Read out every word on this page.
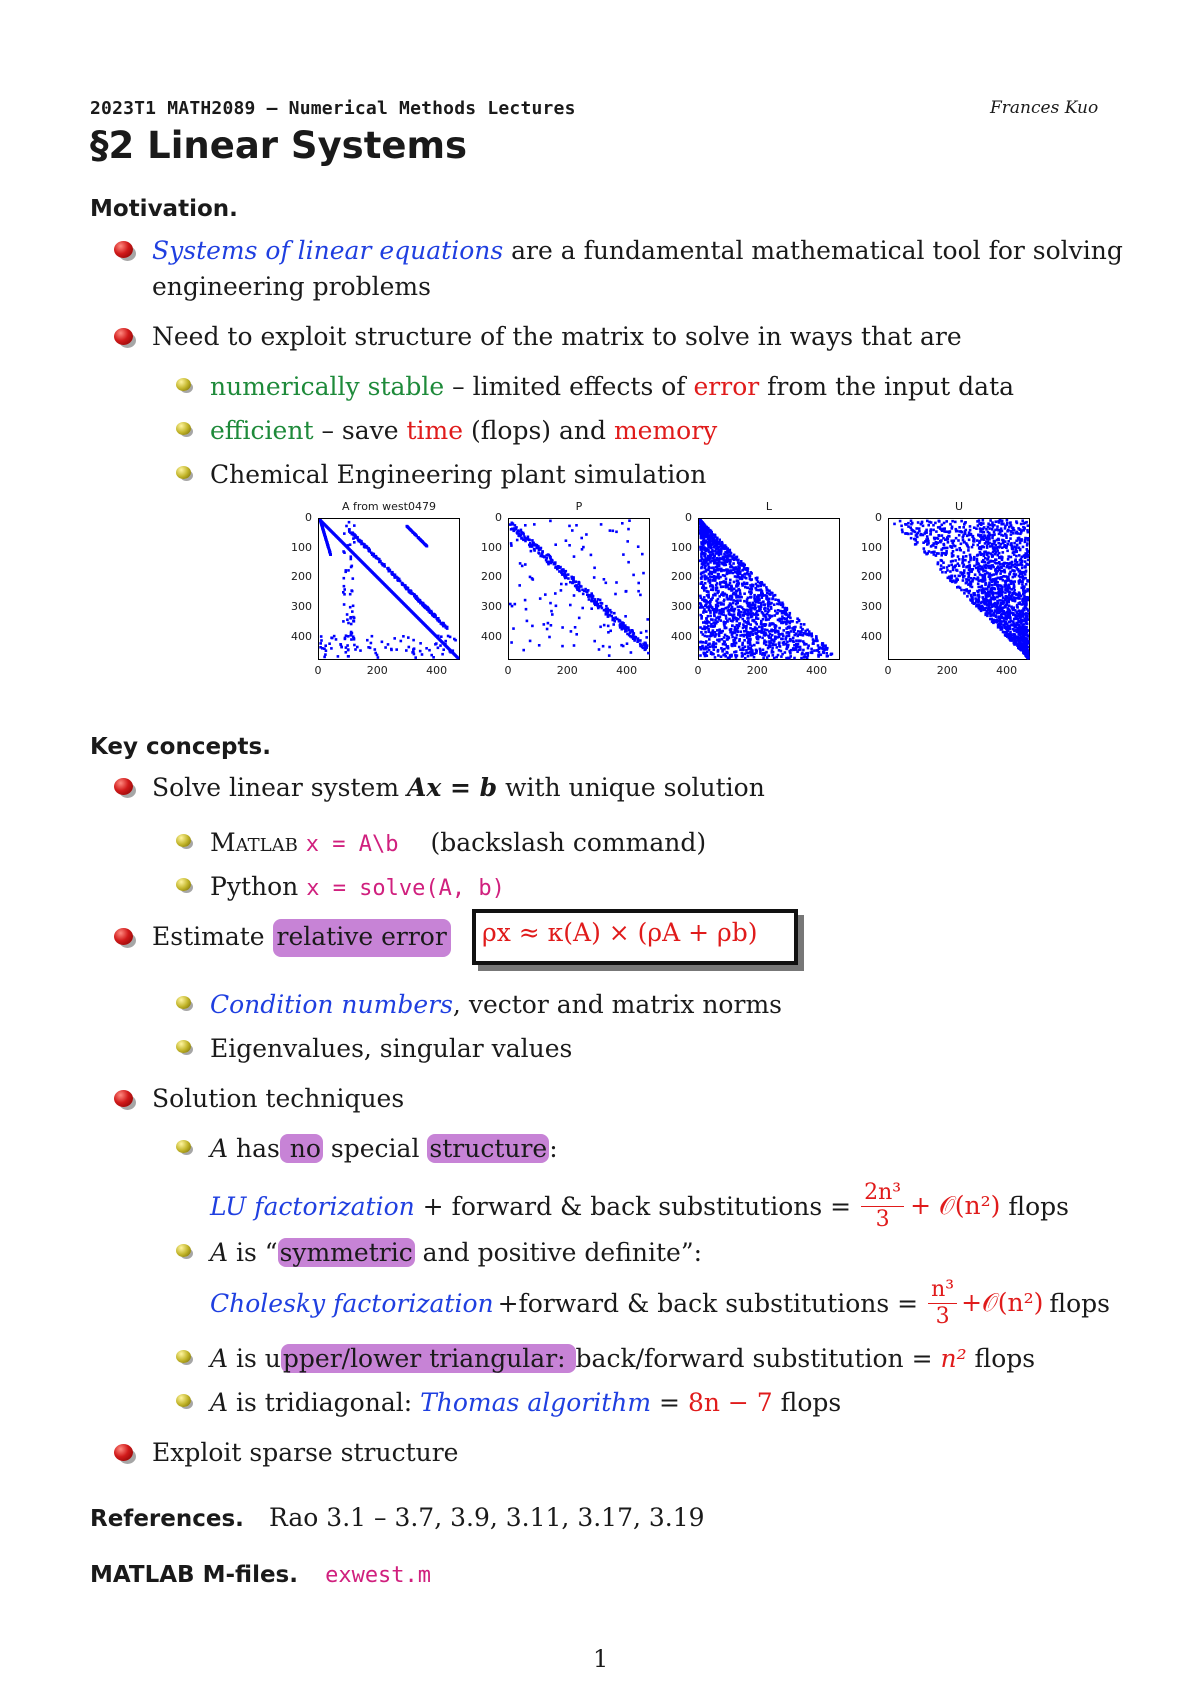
2023T1 MATH2089 – Numerical Methods Lectures	Frances Kuo
§2 Linear Systems
Motivation.
Systems of linear equations are a fundamental mathematical tool for solving
engineering problems
Need to exploit structure of the matrix to solve in ways that are
numerically stable – limited effects of error from the input data
efficient – save time (flops) and memory
Chemical Engineering plant simulation
A from west0479
0
100
200
300
400
0	200	400
P
0
100
200
300
400
0	200	400
L
0
100
200
300
400
0	200	400
U
0
100
200
300
400
0	200	400
Key concepts.
Solve linear system Ax = b with unique solution
Matlab x = A\b (backslash command)
Python x = solve(A, b)
Estimate relative error ρx ≈ κ(A) × (ρA + ρb)
Condition numbers, vector and matrix norms
Eigenvalues, singular values
Solution techniques
A has no special structure:
LU factorization + forward & back substitutions = $\frac{\text{2n³}}{3}$ + 𝒪(n²) flops
A is “symmetric and positive definite”:
Cholesky factorization +forward & back substitutions = $\frac{\text{n³}}{3}$ +𝒪(n²) flops
A is upper/lower triangular: back/forward substitution = n² flops
A is tridiagonal: Thomas algorithm = 8n − 7 flops
Exploit sparse structure
References. Rao 3.1 – 3.7, 3.9, 3.11, 3.17, 3.19
MATLAB M-files. exwest.m
1
